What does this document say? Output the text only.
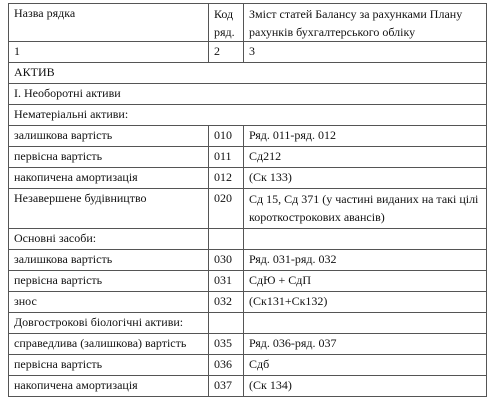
Назва рядка	Код ряд.	Зміст статей Балансу за рахунками Плану рахунків бухгалтерського обліку
1	2	3
АКТИВ		
І. Необоротні активи		
Нематеріальні активи:		
залишкова вартість	010	Ряд. 011-ряд. 012
первісна вартість	011	Сд212
накопичена амортизація	012	(Ск 133)
Незавершене будівництво	020	Сд 15, Сд 371 (у частині виданих на такі цілі короткострокових авансів)
Основні засоби:		
залишкова вартість	030	Ряд. 031-ряд. 032
первісна вартість	031	СдЮ + СдП
знос	032	(Ск131+Ск132)
Довгострокові біологічні активи:		
справедлива (залишкова) вартість	035	Ряд. 036-ряд. 037
первісна вартість	036	Сдб
накопичена амортизація	037	(Ск 134)
